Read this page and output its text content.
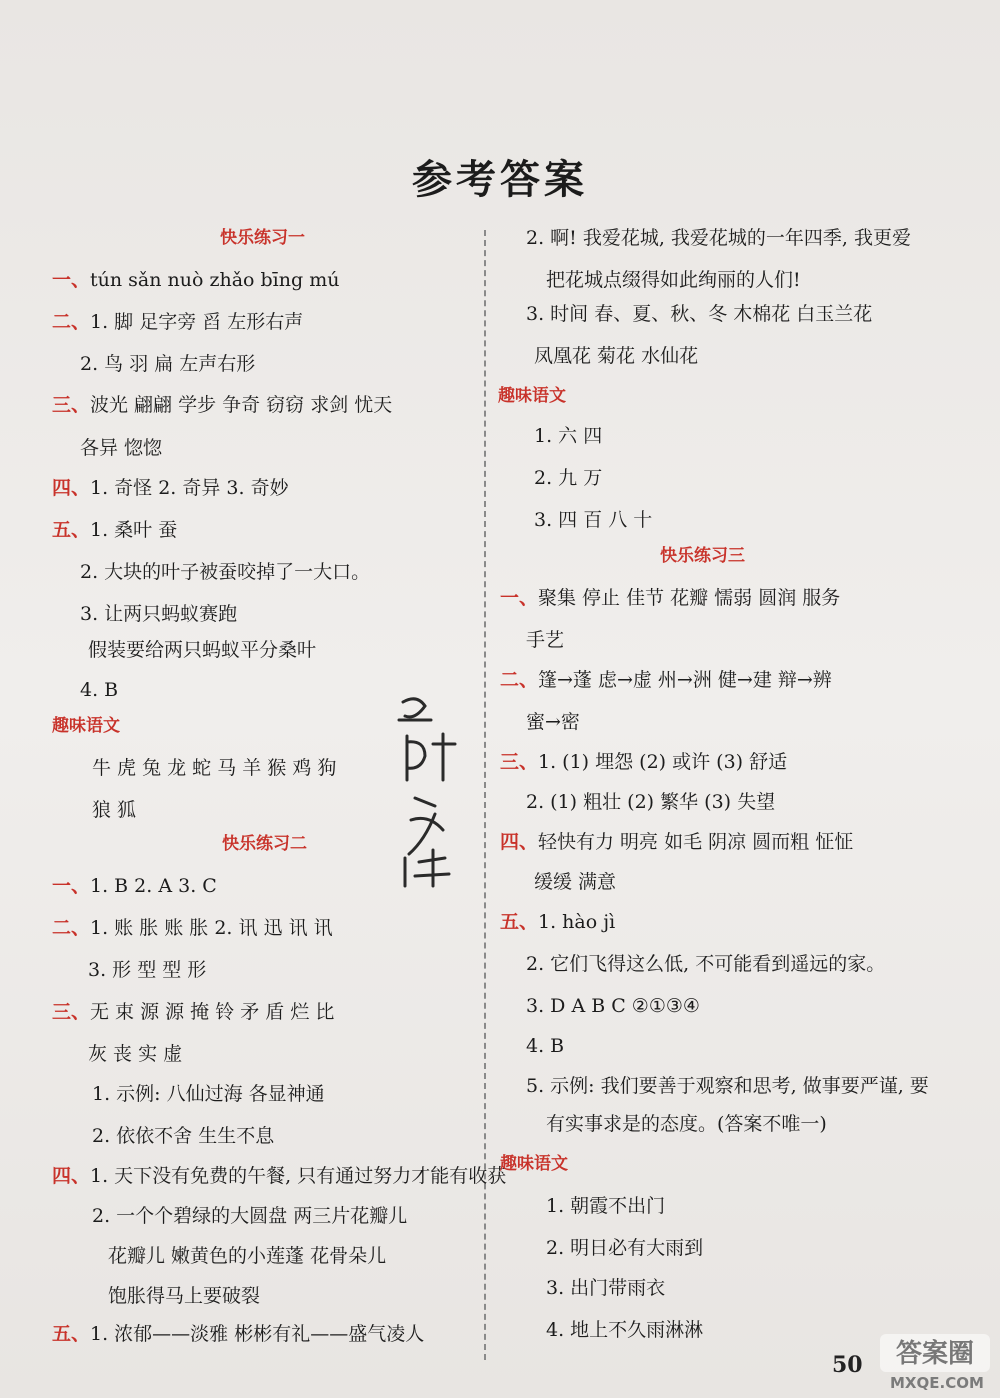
参考答案
快乐练习一
一、tún sǎn nuò zhǎo bīng mú
二、1. 脚 足字旁 舀 左形右声
2. 鸟 羽 扁 左声右形
三、波光 翩翩 学步 争奇 窃窃 求剑 忧天
各异 惚惚
四、1. 奇怪 2. 奇异 3. 奇妙
五、1. 桑叶 蚕
2. 大块的叶子被蚕咬掉了一大口。
3. 让两只蚂蚁赛跑
假装要给两只蚂蚁平分桑叶
4. B
趣味语文
牛 虎 兔 龙 蛇 马 羊 猴 鸡 狗
狼 狐
快乐练习二
一、1. B 2. A 3. C
二、1. 账 胀 账 胀 2. 讯 迅 讯 讯
3. 形 型 型 形
三、无 束 源 源 掩 铃 矛 盾 烂 比
灰 丧 实 虚
1. 示例: 八仙过海 各显神通
2. 依依不舍 生生不息
四、1. 天下没有免费的午餐, 只有通过努力才能有收获
2. 一个个碧绿的大圆盘 两三片花瓣儿
花瓣儿 嫩黄色的小莲蓬 花骨朵儿
饱胀得马上要破裂
五、1. 浓郁——淡雅 彬彬有礼——盛气凌人
2. 啊! 我爱花城, 我爱花城的一年四季, 我更爱
把花城点缀得如此绚丽的人们!
3. 时间 春、夏、秋、冬 木棉花 白玉兰花
凤凰花 菊花 水仙花
趣味语文
1. 六 四
2. 九 万
3. 四 百 八 十
快乐练习三
一、聚集 停止 佳节 花瓣 懦弱 圆润 服务
手艺
二、篷→蓬 虑→虚 州→洲 健→建 辩→辨
蜜→密
三、1. (1) 埋怨 (2) 或许 (3) 舒适
2. (1) 粗壮 (2) 繁华 (3) 失望
四、轻快有力 明亮 如毛 阴凉 圆而粗 怔怔
缓缓 满意
五、1. hào jì
2. 它们飞得这么低, 不可能看到遥远的家。
3. D A B C ②①③④
4. B
5. 示例: 我们要善于观察和思考, 做事要严谨, 要
有实事求是的态度。(答案不唯一)
趣味语文
1. 朝霞不出门
2. 明日必有大雨到
3. 出门带雨衣
4. 地上不久雨淋淋
50 答案圈
MXQE.COM
